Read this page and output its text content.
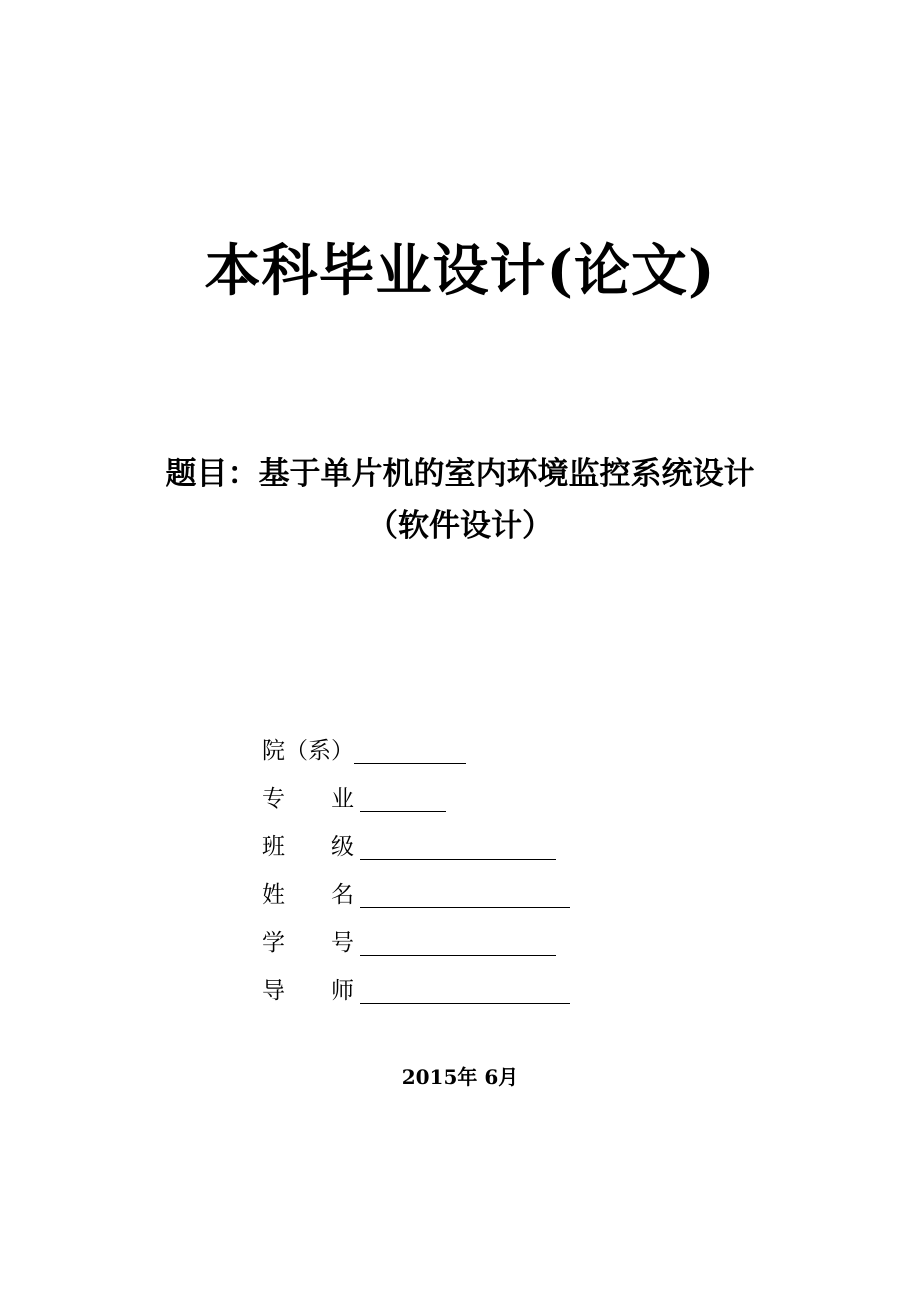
本科毕业设计(论文)
题目：基于单片机的室内环境监控系统设计
（软件设计）
院（系）
专　　业
班　　级
姓　　名
学　　号
导　　师
2015年 6月
